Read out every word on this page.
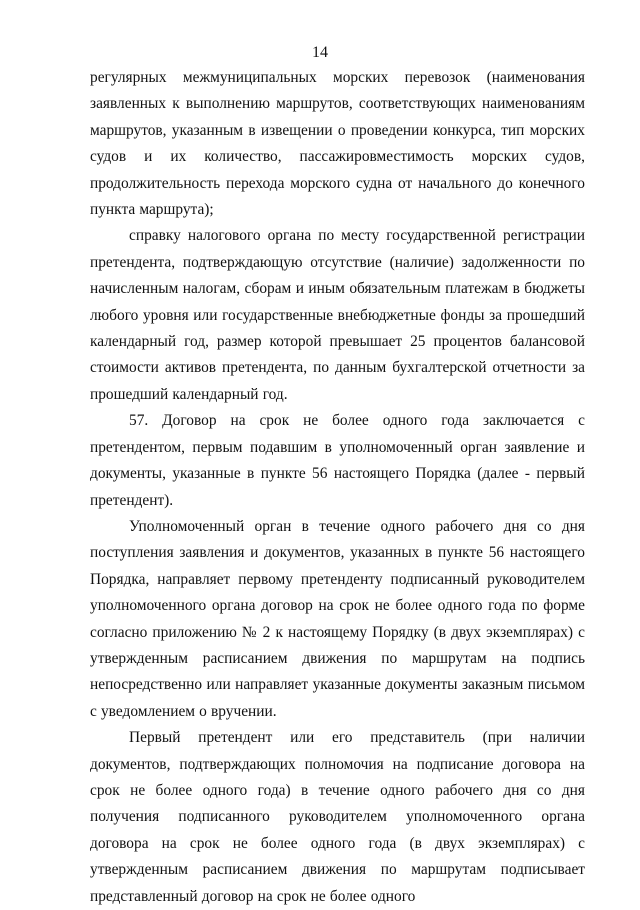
14

регулярных межмуниципальных морских перевозок (наименования заявленных к выполнению маршрутов, соответствующих наименованиям маршрутов, указанным в извещении о проведении конкурса, тип морских судов и их количество, пассажировместимость морских судов, продолжительность перехода морского судна от начального до конечного пункта маршрута);

справку налогового органа по месту государственной регистрации претендента, подтверждающую отсутствие (наличие) задолженности по начисленным налогам, сборам и иным обязательным платежам в бюджеты любого уровня или государственные внебюджетные фонды за прошедший календарный год, размер которой превышает 25 процентов балансовой стоимости активов претендента, по данным бухгалтерской отчетности за прошедший календарный год.

57. Договор на срок не более одного года заключается с претендентом, первым подавшим в уполномоченный орган заявление и документы, указанные в пункте 56 настоящего Порядка (далее - первый претендент).

Уполномоченный орган в течение одного рабочего дня со дня поступления заявления и документов, указанных в пункте 56 настоящего Порядка, направляет первому претенденту подписанный руководителем уполномоченного органа договор на срок не более одного года по форме согласно приложению № 2 к настоящему Порядку (в двух экземплярах) с утвержденным расписанием движения по маршрутам на подпись непосредственно или направляет указанные документы заказным письмом с уведомлением о вручении.

Первый претендент или его представитель (при наличии документов, подтверждающих полномочия на подписание договора на срок не более одного года) в течение одного рабочего дня со дня получения подписанного руководителем уполномоченного органа договора на срок не более одного года (в двух экземплярах) с утвержденным расписанием движения по маршрутам подписывает представленный договор на срок не более одного
